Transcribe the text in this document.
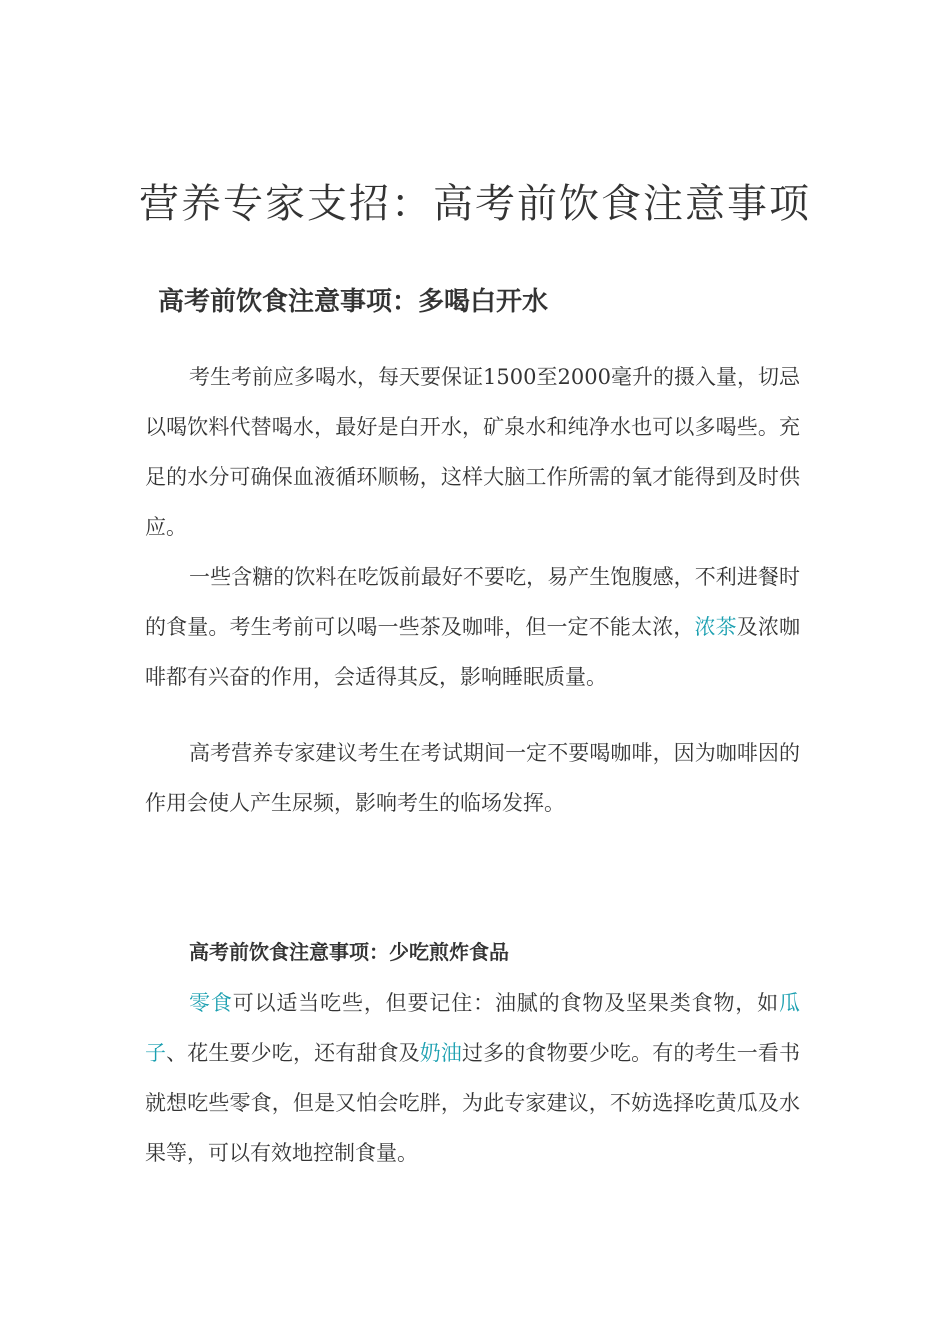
营养专家支招：高考前饮食注意事项
高考前饮食注意事项：多喝白开水

考生考前应多喝水，每天要保证1500至2000毫升的摄入量，切忌以喝饮料代替喝水，最好是白开水，矿泉水和纯净水也可以多喝些。充足的水分可确保血液循环顺畅，这样大脑工作所需的氧才能得到及时供应。

一些含糖的饮料在吃饭前最好不要吃，易产生饱腹感，不利进餐时的食量。考生考前可以喝一些茶及咖啡，但一定不能太浓，浓茶及浓咖啡都有兴奋的作用，会适得其反，影响睡眠质量。

高考营养专家建议考生在考试期间一定不要喝咖啡，因为咖啡因的作用会使人产生尿频，影响考生的临场发挥。

高考前饮食注意事项：少吃煎炸食品

零食可以适当吃些，但要记住：油腻的食物及坚果类食物，如瓜子、花生要少吃，还有甜食及奶油过多的食物要少吃。有的考生一看书就想吃些零食，但是又怕会吃胖，为此专家建议，不妨选择吃黄瓜及水果等，可以有效地控制食量。
